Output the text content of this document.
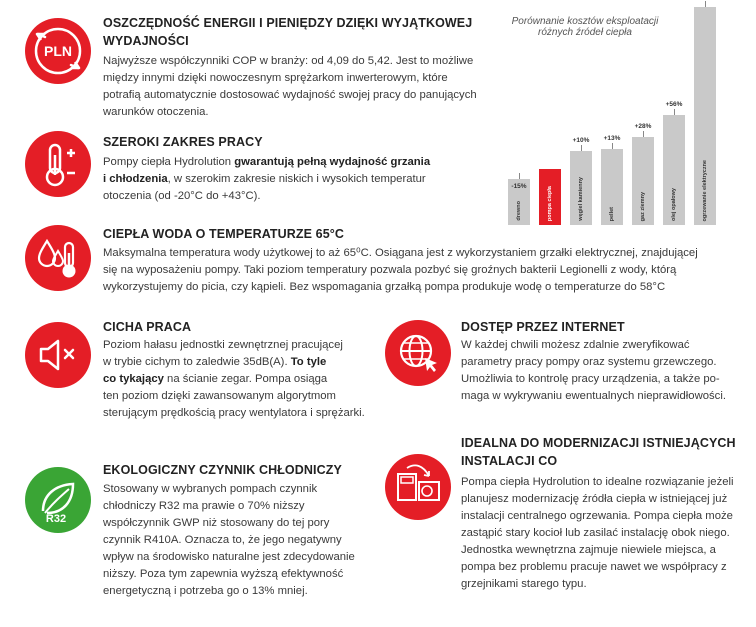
PLN
OSZCZĘDNOŚĆ ENERGII I PIENIĘDZY DZIĘKI WYJĄTKOWEJ
WYDAJNOŚCI
Najwyższe współczynniki COP w branży: od 4,09 do 5,42. Jest to możliwe
między innymi dzięki nowoczesnym sprężarkom inwerterowym, które
potrafią automatycznie dostosować wydajność swojej pracy do panujących
warunków otoczenia.
SZEROKI ZAKRES PRACY
Pompy ciepła Hydrolution gwarantują pełną wydajność grzania
i chłodzenia, w szerokim zakresie niskich i wysokich temperatur
otoczenia (od -20°C do +43°C).
CIEPŁA WODA O TEMPERATURZE 65°C
Maksymalna temperatura wody użytkowej to aż 65⁰C. Osiągana jest z wykorzystaniem grzałki elektrycznej, znajdującej
się na wyposażeniu pompy. Taki poziom temperatury pozwala pozbyć się groźnych bakterii Legionelli z wody, którą
wykorzystujemy do picia, czy kąpieli. Bez wspomagania grzałką pompa produkuje wodę o temperaturze do 58°C
CICHA PRACA
Poziom hałasu jednostki zewnętrznej pracującej
w trybie cichym to zaledwie 35dB(A). To tyle
co tykający na ścianie zegar. Pompa osiąga
ten poziom dzięki zawansowanym algorytmom
sterującym prędkością pracy wentylatora i sprężarki.
DOSTĘP PRZEZ INTERNET
W każdej chwili możesz zdalnie zweryfikować
parametry pracy pompy oraz systemu grzewczego.
Umożliwia to kontrolę pracy urządzenia, a także po-
maga w wykrywaniu ewentualnych nieprawidłowości.
R32
EKOLOGICZNY CZYNNIK CHŁODNICZY
Stosowany w wybranych pompach czynnik
chłodniczy R32 ma prawie o 70% niższy
współczynnik GWP niż stosowany do tej pory
czynnik R410A. Oznacza to, że jego negatywny
wpływ na środowisko naturalne jest zdecydowanie
niższy. Poza tym zapewnia wyższą efektywność
energetyczną i potrzeba go o 13% mniej.
IDEALNA DO MODERNIZACJI ISTNIEJĄCYCH
INSTALACJI CO
Pompa ciepła Hydrolution to idealne rozwiązanie jeżeli
planujesz modernizację źródła ciepła w istniejącej już
instalacji centralnego ogrzewania. Pompa ciepła może
zastąpić stary kocioł lub zasilać instalację obok niego.
Jednostka wewnętrzna zajmuje niewiele miejsca, a
pompa bez problemu pracuje nawet we współpracy z
grzejnikami starego typu.
Porównanie kosztów eksploatacji
różnych źródeł ciepła
drewno
-15%	pompa ciepła	węgiel kamienny
+10%
pellet
+13%
gaz ziemny
+28%
olej opałowy
+56%
ogrzewanie elektryczne
